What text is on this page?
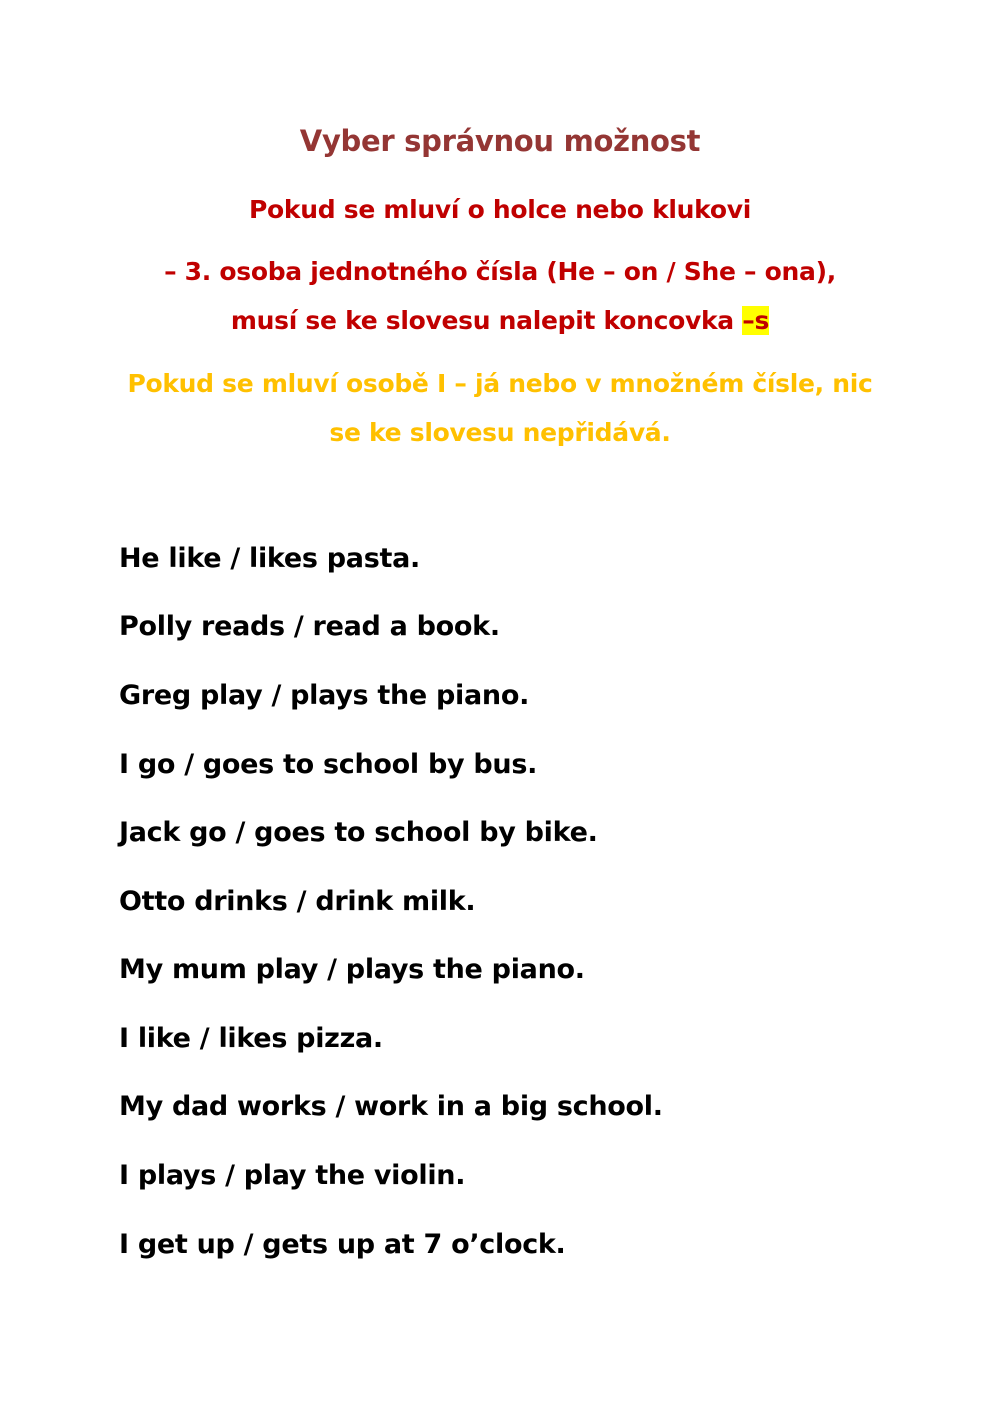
Vyber správnou možnost
Pokud se mluví o holce nebo klukovi
– 3. osoba jednotného čísla (He – on / She – ona),
musí se ke slovesu nalepit koncovka –s
Pokud se mluví osobě I – já nebo v množném čísle, nic
se ke slovesu nepřidává.
He like / likes pasta.
Polly reads / read a book.
Greg play / plays the piano.
I go / goes to school by bus.
Jack go / goes to school by bike.
Otto drinks / drink milk.
My mum play / plays the piano.
I like / likes pizza.
My dad works / work in a big school.
I plays / play the violin.
I get up / gets up at 7 o’clock.
